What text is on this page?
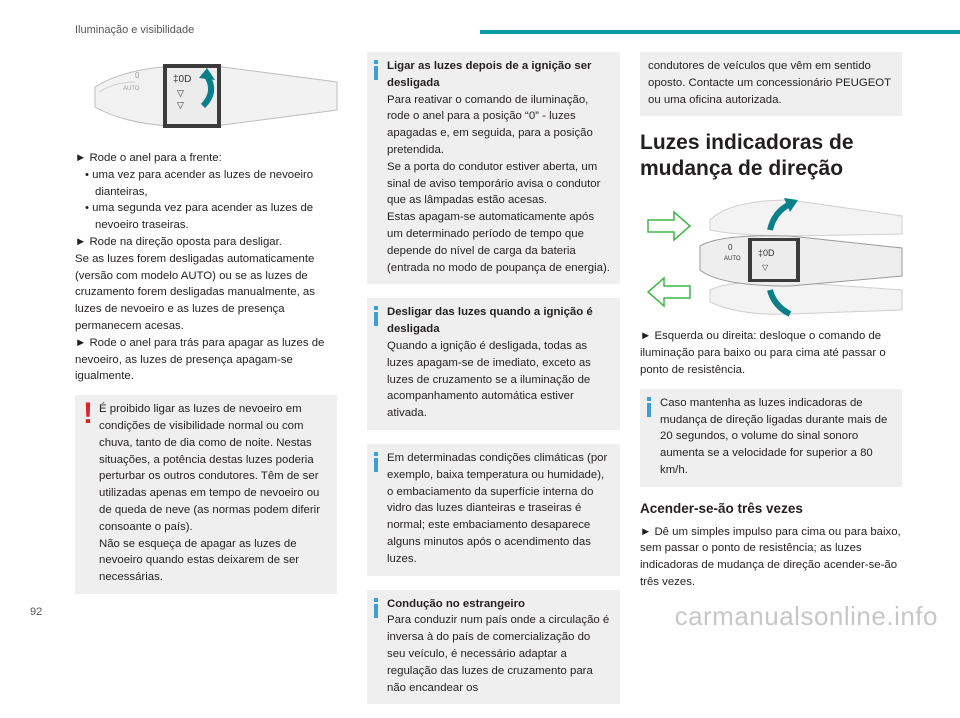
Iluminação e visibilidade
0
AUTO
‡0D
▽
▽

► Rode o anel para a frente:

• uma vez para acender as luzes de nevoeiro dianteiras,

• uma segunda vez para acender as luzes de nevoeiro traseiras.

► Rode na direção oposta para desligar.

Se as luzes forem desligadas automaticamente (versão com modelo AUTO) ou se as luzes de cruzamento forem desligadas manualmente, as luzes de nevoeiro e as luzes de presença permanecem acesas.

► Rode o anel para trás para apagar as luzes de nevoeiro, as luzes de presença apagam-se igualmente.

! É proibido ligar as luzes de nevoeiro em condições de visibilidade normal ou com chuva, tanto de dia como de noite. Nestas situações, a potência destas luzes poderia perturbar os outros condutores. Têm de ser utilizadas apenas em tempo de nevoeiro ou de queda de neve (as normas podem diferir consoante o país).

Não se esqueça de apagar as luzes de nevoeiro quando estas deixarem de ser necessárias.

Ligar as luzes depois de a ignição ser desligada

Para reativar o comando de iluminação, rode o anel para a posição “0” - luzes apagadas e, em seguida, para a posição pretendida.

Se a porta do condutor estiver aberta, um sinal de aviso temporário avisa o condutor que as lâmpadas estão acesas.

Estas apagam-se automaticamente após um determinado período de tempo que depende do nível de carga da bateria (entrada no modo de poupança de energia).

Desligar das luzes quando a ignição é desligada

Quando a ignição é desligada, todas as luzes apagam-se de imediato, exceto as luzes de cruzamento se a iluminação de acompanhamento automática estiver ativada.

Em determinadas condições climáticas (por exemplo, baixa temperatura ou humidade), o embaciamento da superfície interna do vidro das luzes dianteiras e traseiras é normal; este embaciamento desaparece alguns minutos após o acendimento das luzes.

Condução no estrangeiro

Para conduzir num país onde a circulação é inversa à do país de comercialização do seu veículo, é necessário adaptar a regulação das luzes de cruzamento para não encandear os

condutores de veículos que vêm em sentido oposto. Contacte um concessionário PEUGEOT ou uma oficina autorizada.

Luzes indicadoras de mudança de direção
0
AUTO
‡0D
▽

► Esquerda ou direita: desloque o comando de iluminação para baixo ou para cima até passar o ponto de resistência.

Caso mantenha as luzes indicadoras de mudança de direção ligadas durante mais de 20 segundos, o volume do sinal sonoro aumenta se a velocidade for superior a 80 km/h.

Acender-se-ão três vezes

► Dê um simples impulso para cima ou para baixo, sem passar o ponto de resistência; as luzes indicadoras de mudança de direção acender-se-ão três vezes.

92	carmanualsonline.info
